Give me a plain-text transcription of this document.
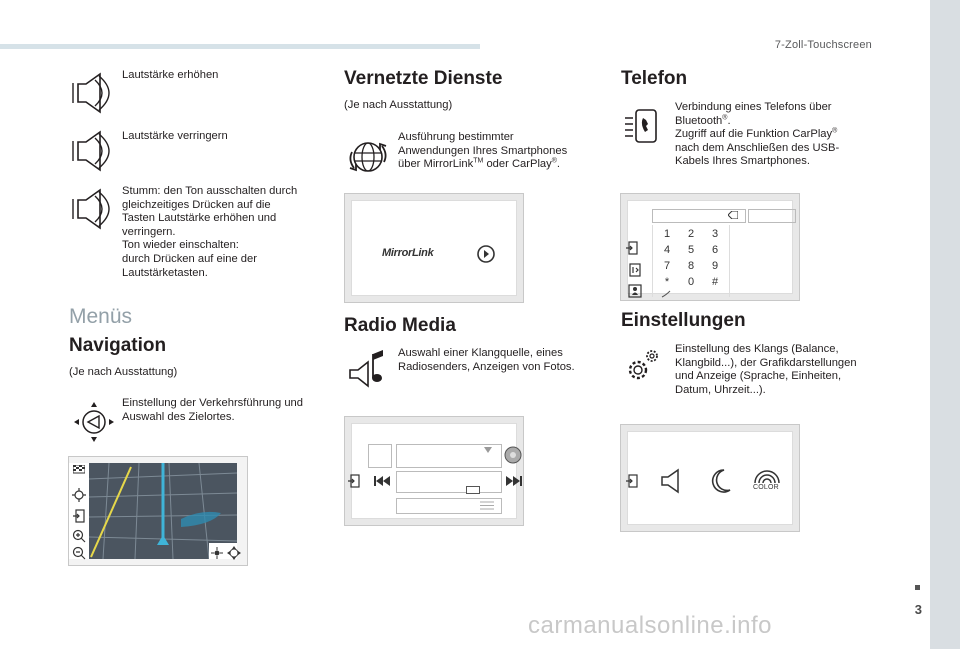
7-Zoll-Touchscreen
3
carmanualsonline.info
Lautstärke erhöhen
Lautstärke verringern
Stumm: den Ton ausschalten durch
gleichzeitiges Drücken auf die
Tasten Lautstärke erhöhen und
verringern.
Ton wieder einschalten:
durch Drücken auf eine der
Lautstärketasten.
Menüs
Navigation
(Je nach Ausstattung)
Einstellung der Verkehrsführung und
Auswahl des Zielortes.
Vernetzte Dienste
(Je nach Ausstattung)
Ausführung bestimmter
Anwendungen Ihres Smartphones
über MirrorLink™ oder CarPlay®.
MirrorLink
Radio Media
Auswahl einer Klangquelle, eines
Radiosenders, Anzeigen von Fotos.
Telefon
Verbindung eines Telefons über
Bluetooth®.
Zugriff auf die Funktion CarPlay®
nach dem Anschließen des USB-
Kabels Ihres Smartphones.
1	2	3
4	5	6
7	8	9
*	0	#
Einstellungen
Einstellung des Klangs (Balance,
Klangbild...), der Grafikdarstellungen
und Anzeige (Sprache, Einheiten,
Datum, Uhrzeit...).
COLOR
